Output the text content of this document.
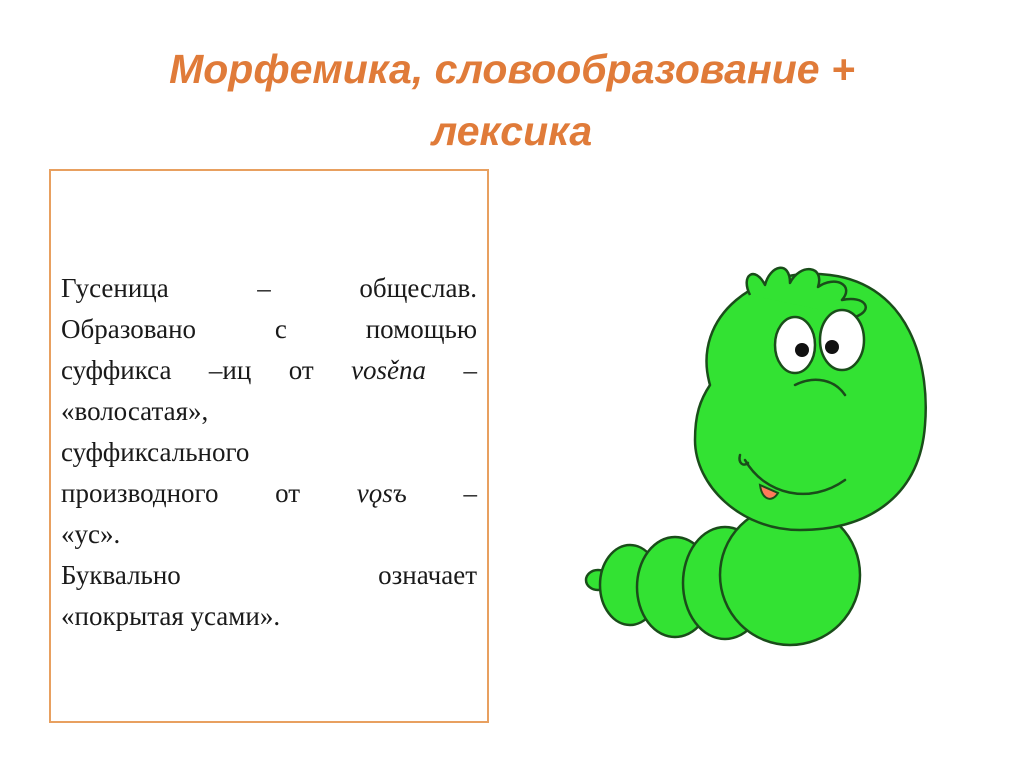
Морфемика, словообразование +
лексика
Гусеница	–	общеслав.
Образовано	с	помощью
суффикса –иц от vosěna –
«волосатая»,
суффиксального
производного от vǫsъ –
«ус».
Буквально	означает
«покрытая усами».
